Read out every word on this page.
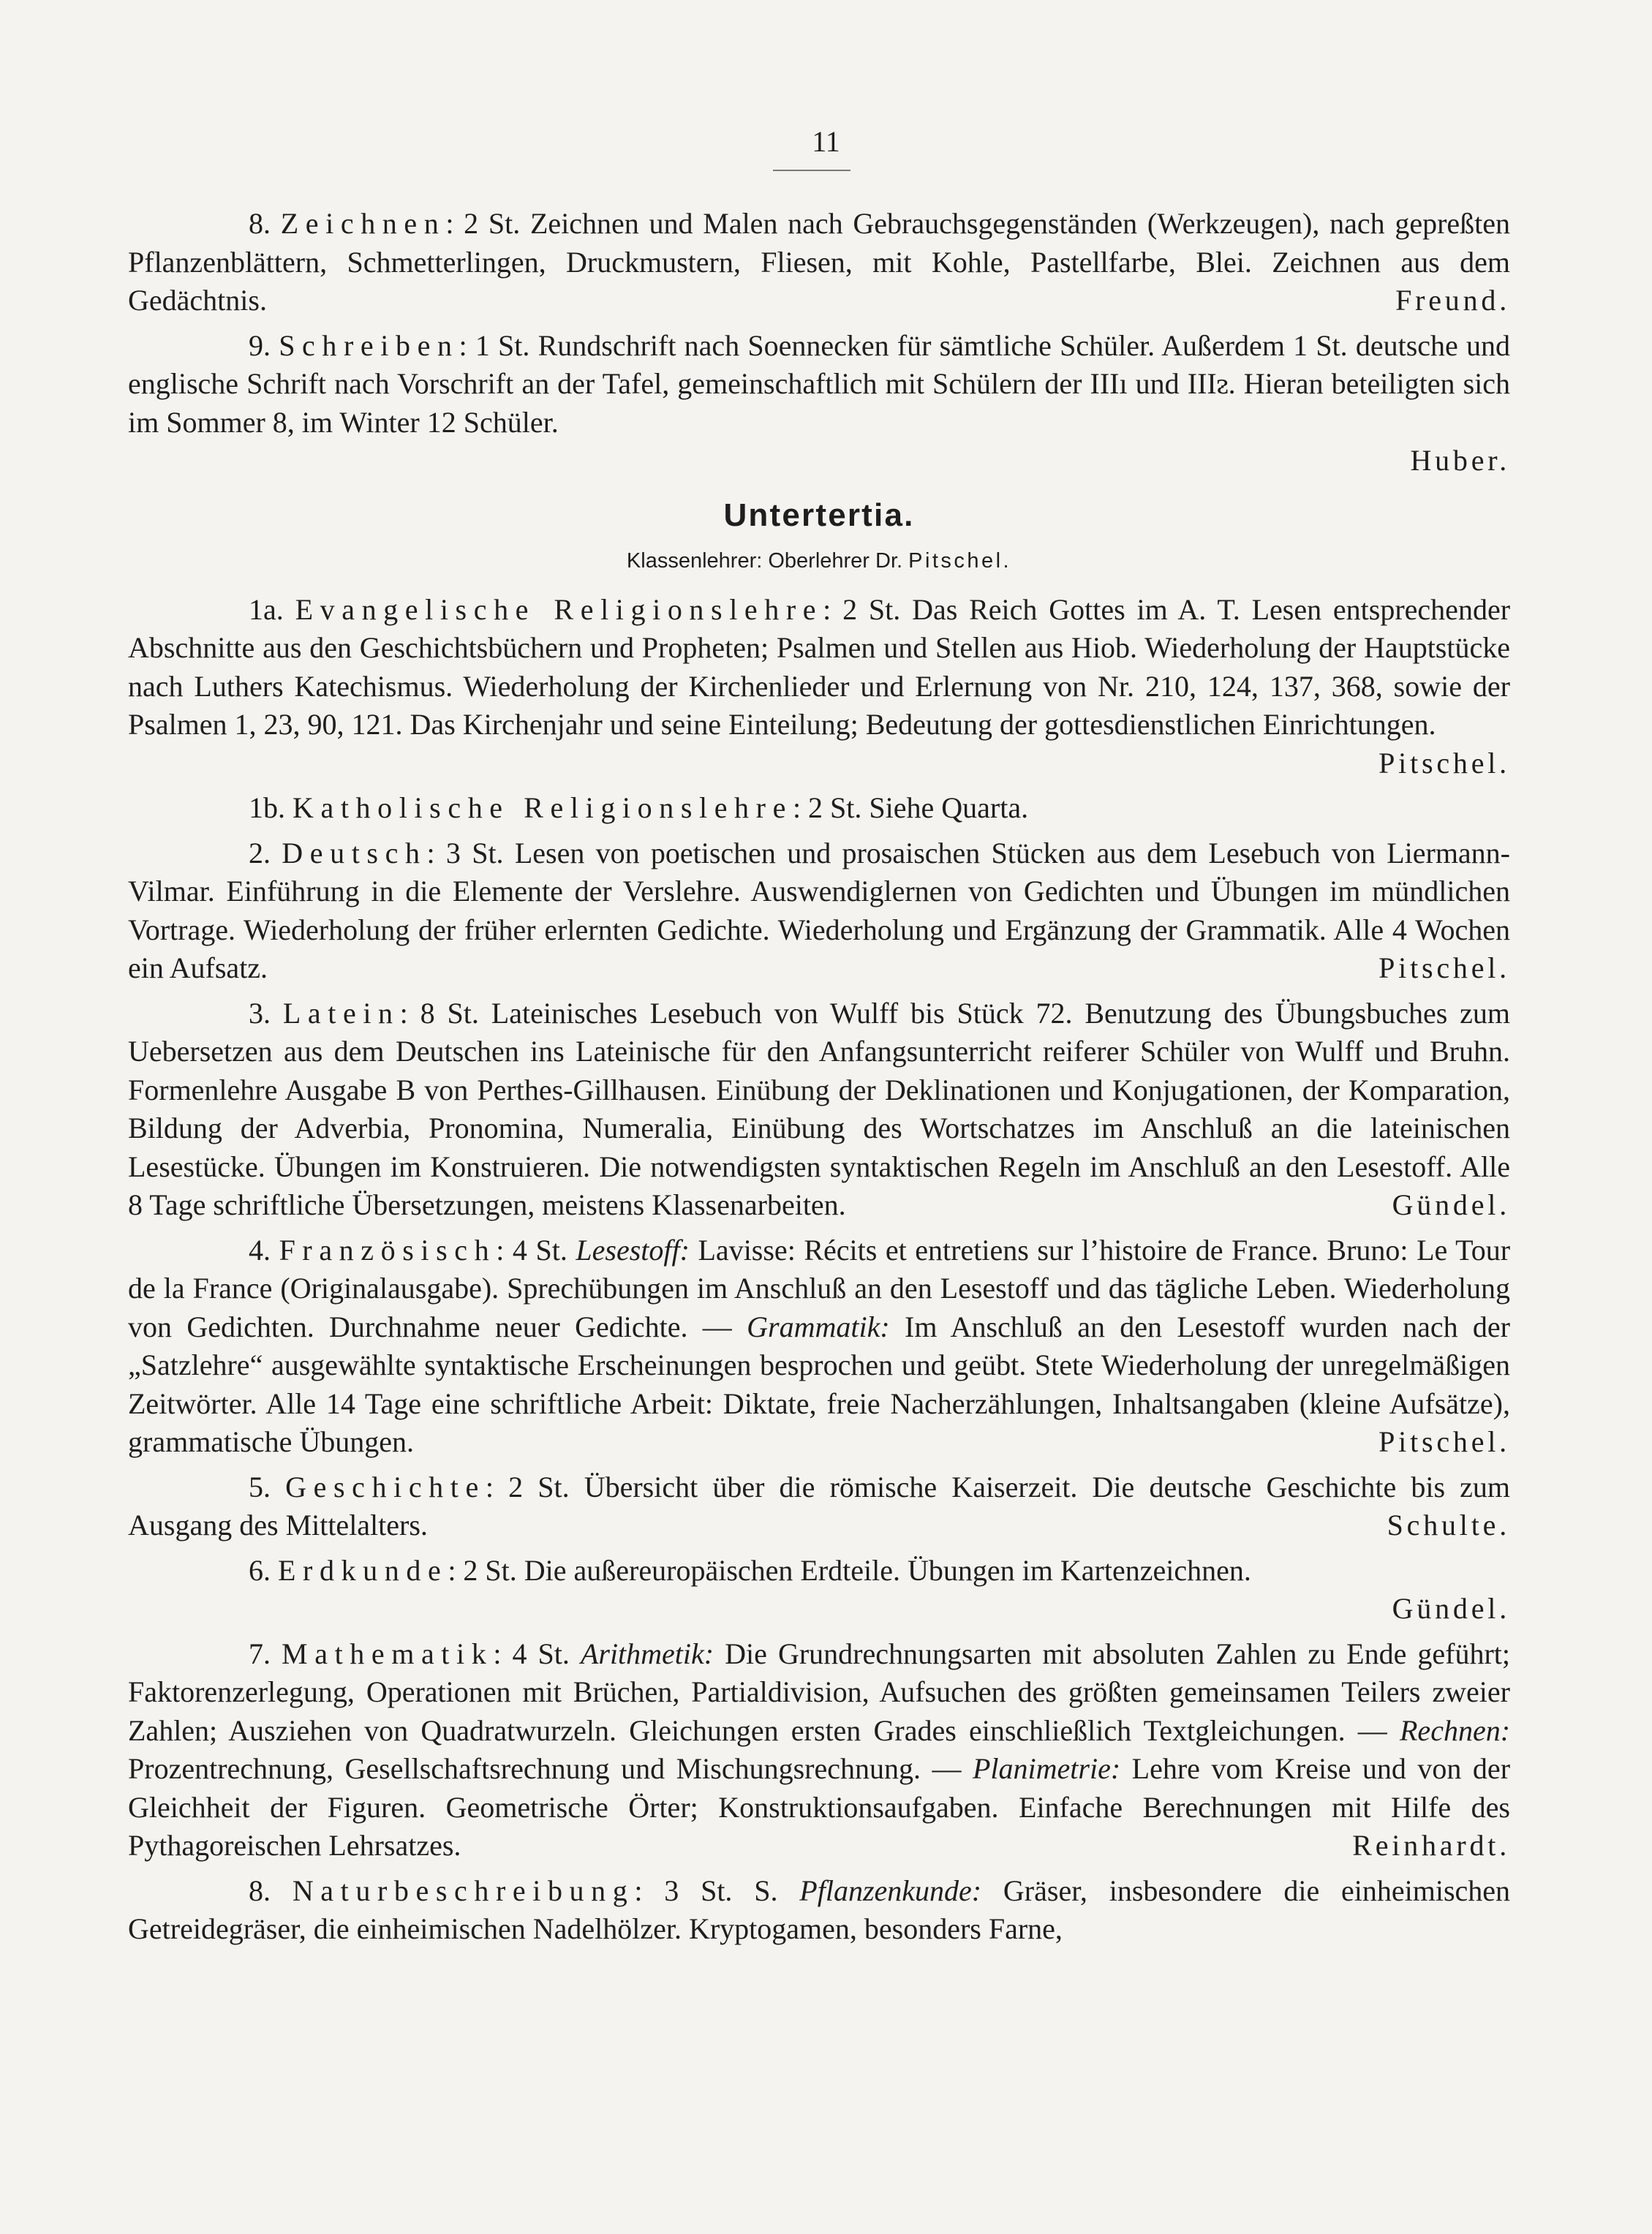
11

8. Zeichnen: 2 St. Zeichnen und Malen nach Gebrauchsgegenständen (Werkzeugen), nach gepreßten Pflanzenblättern, Schmetterlingen, Druckmustern, Fliesen, mit Kohle, Pastellfarbe, Blei. Zeichnen aus dem Gedächtnis.	Freund.

9. Schreiben: 1 St. Rundschrift nach Soennecken für sämtliche Schüler. Außerdem 1 St. deutsche und englische Schrift nach Vorschrift an der Tafel, gemeinschaftlich mit Schülern der IIIı und IIIᴤ. Hieran beteiligten sich im Sommer 8, im Winter 12 Schüler.
Huber.

Untertertia.
Klassenlehrer: Oberlehrer Dr. Pitschel.

1a. Evangelische Religionslehre: 2 St. Das Reich Gottes im A. T. Lesen entsprechender Abschnitte aus den Geschichtsbüchern und Propheten; Psalmen und Stellen aus Hiob. Wiederholung der Hauptstücke nach Luthers Katechismus. Wiederholung der Kirchenlieder und Erlernung von Nr. 210, 124, 137, 368, sowie der Psalmen 1, 23, 90, 121. Das Kirchenjahr und seine Einteilung; Bedeutung der gottesdienstlichen Einrichtungen.
Pitschel.

1b. Katholische Religionslehre: 2 St. Siehe Quarta.

2. Deutsch: 3 St. Lesen von poetischen und prosaischen Stücken aus dem Lesebuch von Liermann-Vilmar. Einführung in die Elemente der Verslehre. Auswendiglernen von Gedichten und Übungen im mündlichen Vortrage. Wiederholung der früher erlernten Gedichte. Wiederholung und Ergänzung der Grammatik. Alle 4 Wochen ein Aufsatz.	Pitschel.

3. Latein: 8 St. Lateinisches Lesebuch von Wulff bis Stück 72. Benutzung des Übungsbuches zum Uebersetzen aus dem Deutschen ins Lateinische für den Anfangsunterricht reiferer Schüler von Wulff und Bruhn. Formenlehre Ausgabe B von Perthes-Gillhausen. Einübung der Deklinationen und Konjugationen, der Komparation, Bildung der Adverbia, Pronomina, Numeralia, Einübung des Wortschatzes im Anschluß an die lateinischen Lesestücke. Übungen im Konstruieren. Die notwendigsten syntaktischen Regeln im Anschluß an den Lesestoff. Alle 8 Tage schriftliche Übersetzungen, meistens Klassenarbeiten.	Gündel.

4. Französisch: 4 St. Lesestoff: Lavisse: Récits et entretiens sur l’histoire de France. Bruno: Le Tour de la France (Originalausgabe). Sprechübungen im Anschluß an den Lesestoff und das tägliche Leben. Wiederholung von Gedichten. Durchnahme neuer Gedichte. — Grammatik: Im Anschluß an den Lesestoff wurden nach der „Satzlehre“ ausgewählte syntaktische Erscheinungen besprochen und geübt. Stete Wiederholung der unregelmäßigen Zeitwörter. Alle 14 Tage eine schriftliche Arbeit: Diktate, freie Nacherzählungen, Inhaltsangaben (kleine Aufsätze), grammatische Übungen.	Pitschel.

5. Geschichte: 2 St. Übersicht über die römische Kaiserzeit. Die deutsche Geschichte bis zum Ausgang des Mittelalters.	Schulte.

6. Erdkunde: 2 St. Die außereuropäischen Erdteile. Übungen im Kartenzeichnen.
Gündel.

7. Mathematik: 4 St. Arithmetik: Die Grundrechnungsarten mit absoluten Zahlen zu Ende geführt; Faktorenzerlegung, Operationen mit Brüchen, Partialdivision, Aufsuchen des größten gemeinsamen Teilers zweier Zahlen; Ausziehen von Quadratwurzeln. Gleichungen ersten Grades einschließlich Textgleichungen. — Rechnen: Prozentrechnung, Gesellschaftsrechnung und Mischungsrechnung. — Planimetrie: Lehre vom Kreise und von der Gleichheit der Figuren. Geometrische Örter; Konstruktionsaufgaben. Einfache Berechnungen mit Hilfe des Pythagoreischen Lehrsatzes.	Reinhardt.

8. Naturbeschreibung: 3 St. S. Pflanzenkunde: Gräser, insbesondere die einheimischen Getreidegräser, die einheimischen Nadelhölzer. Kryptogamen, besonders Farne,
